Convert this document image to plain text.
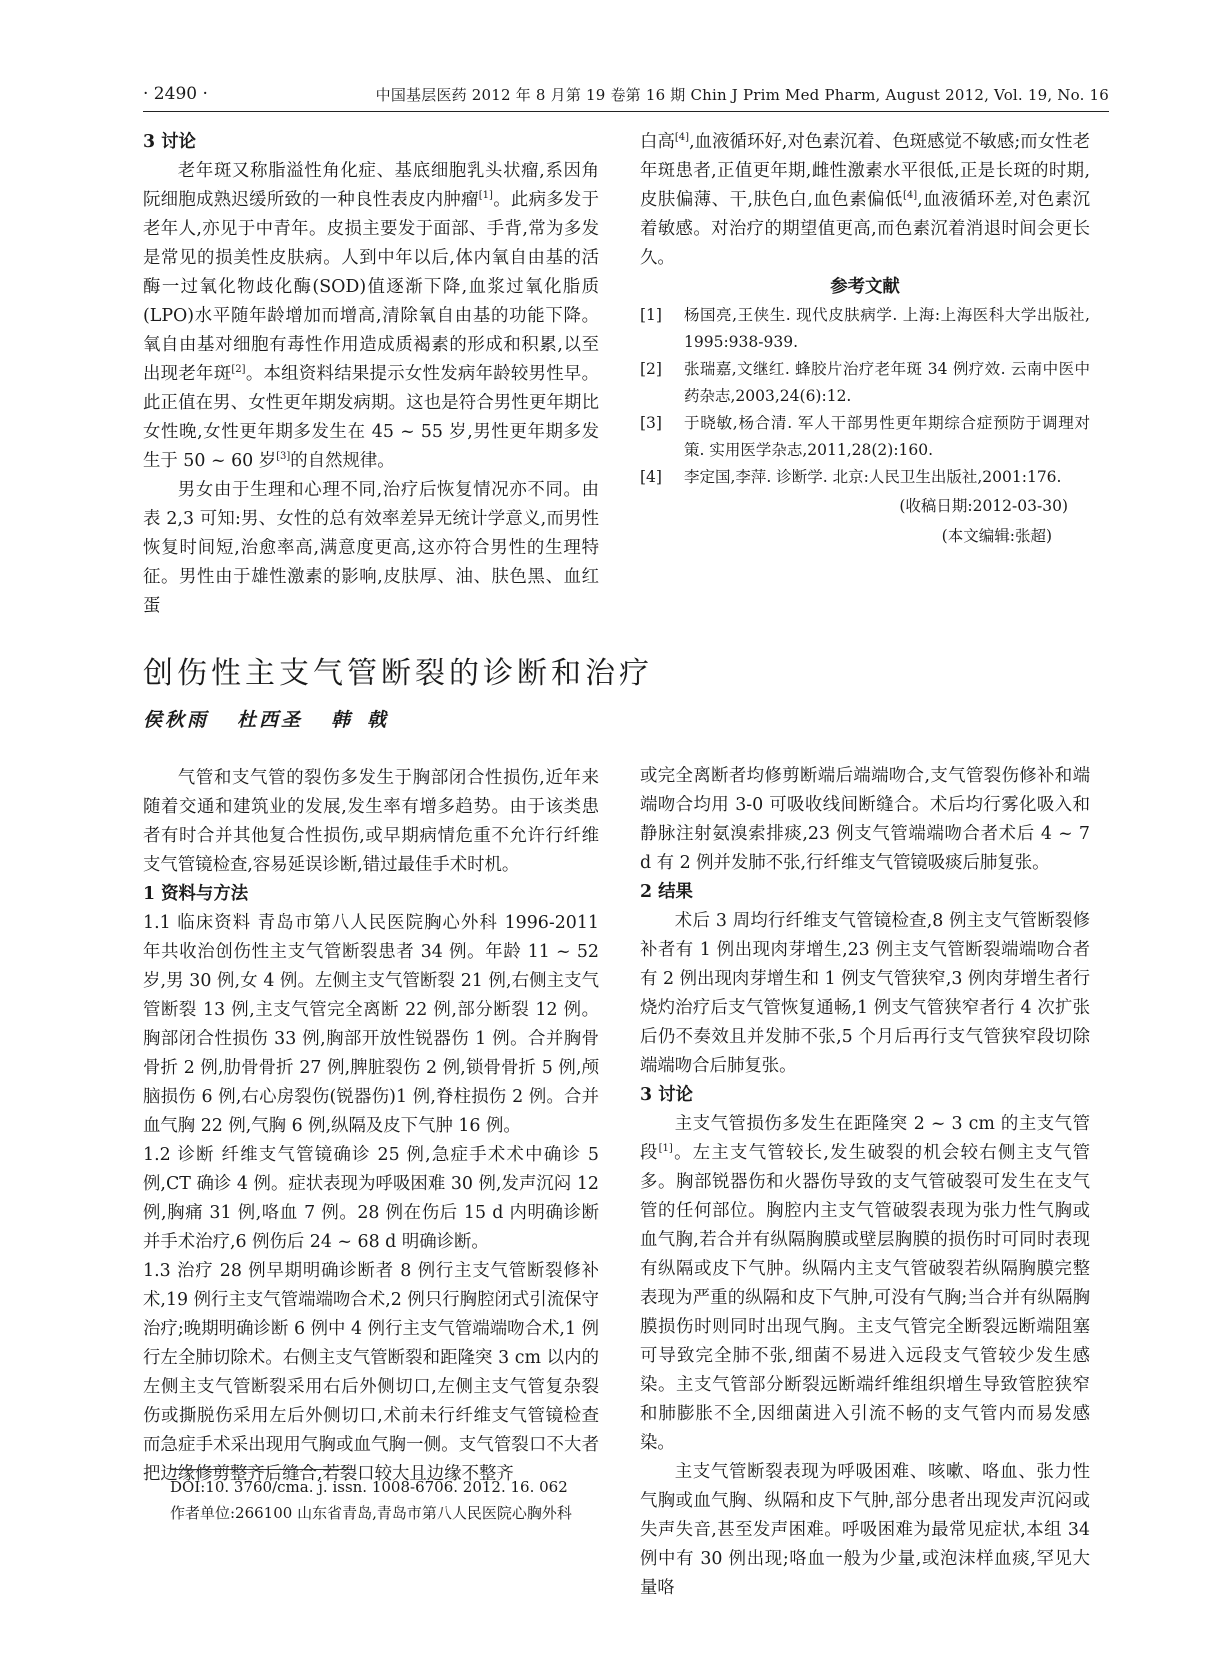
· 2490 ·	中国基层医药 2012 年 8 月第 19 卷第 16 期 Chin J Prim Med Pharm, August 2012, Vol. 19, No. 16

3 讨论

老年斑又称脂溢性角化症、基底细胞乳头状瘤,系因角阮细胞成熟迟缓所致的一种良性表皮内肿瘤[1]。此病多发于老年人,亦见于中青年。皮损主要发于面部、手背,常为多发是常见的损美性皮肤病。人到中年以后,体内氧自由基的活酶一过氧化物歧化酶(SOD)值逐渐下降,血浆过氧化脂质(LPO)水平随年龄增加而增高,清除氧自由基的功能下降。氧自由基对细胞有毒性作用造成质褐素的形成和积累,以至出现老年斑[2]。本组资料结果提示女性发病年龄较男性早。此正值在男、女性更年期发病期。这也是符合男性更年期比女性晚,女性更年期多发生在 45 ~ 55 岁,男性更年期多发生于 50 ~ 60 岁[3]的自然规律。

男女由于生理和心理不同,治疗后恢复情况亦不同。由表 2,3 可知:男、女性的总有效率差异无统计学意义,而男性恢复时间短,治愈率高,满意度更高,这亦符合男性的生理特征。男性由于雄性激素的影响,皮肤厚、油、肤色黑、血红蛋

白高[4],血液循环好,对色素沉着、色斑感觉不敏感;而女性老年斑患者,正值更年期,雌性激素水平很低,正是长斑的时期,皮肤偏薄、干,肤色白,血色素偏低[4],血液循环差,对色素沉着敏感。对治疗的期望值更高,而色素沉着消退时间会更长久。

参考文献

[1]	杨国亮,王侠生. 现代皮肤病学. 上海:上海医科大学出版社, 1995:938-939.
[2]	张瑞嘉,文继红. 蜂胶片治疗老年斑 34 例疗效. 云南中医中药杂志,2003,24(6):12.
[3]	于晓敏,杨合清. 军人干部男性更年期综合症预防于调理对策. 实用医学杂志,2011,28(2):160.
[4]	李定国,李萍. 诊断学. 北京:人民卫生出版社,2001:176.
(收稿日期:2012-03-30)
(本文编辑:张超)
创伤性主支气管断裂的诊断和治疗
侯秋雨 杜西圣 韩 戟

气管和支气管的裂伤多发生于胸部闭合性损伤,近年来随着交通和建筑业的发展,发生率有增多趋势。由于该类患者有时合并其他复合性损伤,或早期病情危重不允许行纤维支气管镜检查,容易延误诊断,错过最佳手术时机。

1 资料与方法

1.1 临床资料 青岛市第八人民医院胸心外科 1996-2011 年共收治创伤性主支气管断裂患者 34 例。年龄 11 ~ 52 岁,男 30 例,女 4 例。左侧主支气管断裂 21 例,右侧主支气管断裂 13 例,主支气管完全离断 22 例,部分断裂 12 例。胸部闭合性损伤 33 例,胸部开放性锐器伤 1 例。合并胸骨骨折 2 例,肋骨骨折 27 例,脾脏裂伤 2 例,锁骨骨折 5 例,颅脑损伤 6 例,右心房裂伤(锐器伤)1 例,脊柱损伤 2 例。合并血气胸 22 例,气胸 6 例,纵隔及皮下气肿 16 例。

1.2 诊断 纤维支气管镜确诊 25 例,急症手术术中确诊 5 例,CT 确诊 4 例。症状表现为呼吸困难 30 例,发声沉闷 12 例,胸痛 31 例,咯血 7 例。28 例在伤后 15 d 内明确诊断并手术治疗,6 例伤后 24 ~ 68 d 明确诊断。

1.3 治疗 28 例早期明确诊断者 8 例行主支气管断裂修补术,19 例行主支气管端端吻合术,2 例只行胸腔闭式引流保守治疗;晚期明确诊断 6 例中 4 例行主支气管端端吻合术,1 例行左全肺切除术。右侧主支气管断裂和距隆突 3 cm 以内的左侧主支气管断裂采用右后外侧切口,左侧主支气管复杂裂伤或撕脱伤采用左后外侧切口,术前未行纤维支气管镜检查而急症手术采出现用气胸或血气胸一侧。支气管裂口不大者把边缘修剪整齐后缝合,若裂口较大且边缘不整齐

或完全离断者均修剪断端后端端吻合,支气管裂伤修补和端端吻合均用 3-0 可吸收线间断缝合。术后均行雾化吸入和静脉注射氨溴索排痰,23 例支气管端端吻合者术后 4 ~ 7 d 有 2 例并发肺不张,行纤维支气管镜吸痰后肺复张。

2 结果

术后 3 周均行纤维支气管镜检查,8 例主支气管断裂修补者有 1 例出现肉芽增生,23 例主支气管断裂端端吻合者有 2 例出现肉芽增生和 1 例支气管狭窄,3 例肉芽增生者行烧灼治疗后支气管恢复通畅,1 例支气管狭窄者行 4 次扩张后仍不奏效且并发肺不张,5 个月后再行支气管狭窄段切除端端吻合后肺复张。

3 讨论

主支气管损伤多发生在距隆突 2 ~ 3 cm 的主支气管段[1]。左主支气管较长,发生破裂的机会较右侧主支气管多。胸部锐器伤和火器伤导致的支气管破裂可发生在支气管的任何部位。胸腔内主支气管破裂表现为张力性气胸或血气胸,若合并有纵隔胸膜或壁层胸膜的损伤时可同时表现有纵隔或皮下气肿。纵隔内主支气管破裂若纵隔胸膜完整表现为严重的纵隔和皮下气肿,可没有气胸;当合并有纵隔胸膜损伤时则同时出现气胸。主支气管完全断裂远断端阻塞可导致完全肺不张,细菌不易进入远段支气管较少发生感染。主支气管部分断裂远断端纤维组织增生导致管腔狭窄和肺膨胀不全,因细菌进入引流不畅的支气管内而易发感染。

主支气管断裂表现为呼吸困难、咳嗽、咯血、张力性气胸或血气胸、纵隔和皮下气肿,部分患者出现发声沉闷或失声失音,甚至发声困难。呼吸困难为最常见症状,本组 34 例中有 30 例出现;咯血一般为少量,或泡沫样血痰,罕见大量咯

DOI:10. 3760/cma. j. issn. 1008-6706. 2012. 16. 062
作者单位:266100 山东省青岛,青岛市第八人民医院心胸外科
